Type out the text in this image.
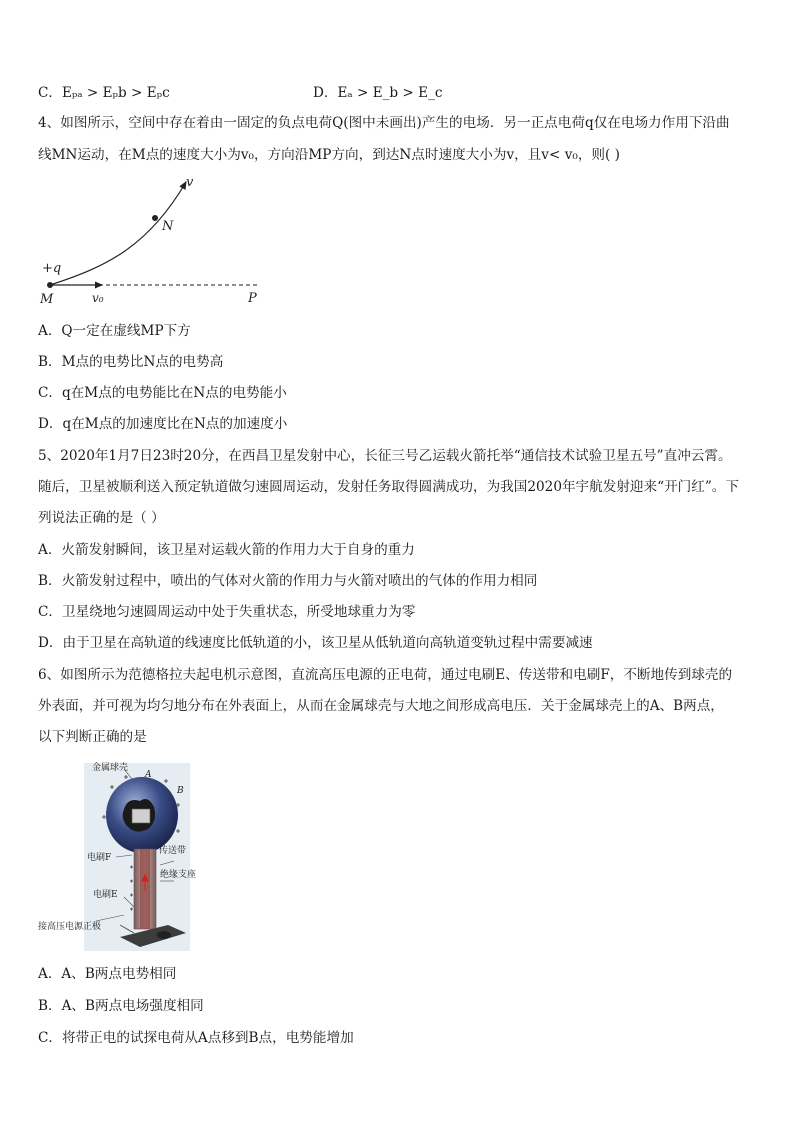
C．Eₚₐ > Eₚb > Eₚc	D．Eₐ > E_b > E_c
4、如图所示，空间中存在着由一固定的负点电荷Q(图中未画出)产生的电场．另一正点电荷q仅在电场力作用下沿曲
线MN运动，在M点的速度大小为v₀，方向沿MP方向，到达N点时速度大小为v，且v< v₀，则( )
v
N
+q
M	v₀	P
A．Q一定在虚线MP下方
B．M点的电势比N点的电势高
C．q在M点的电势能比在N点的电势能小
D．q在M点的加速度比在N点的加速度小
5、2020年1月7日23时20分，在西昌卫星发射中心，长征三号乙运载火箭托举“通信技术试验卫星五号”直冲云霄。
随后，卫星被顺利送入预定轨道做匀速圆周运动，发射任务取得圆满成功，为我国2020年宇航发射迎来“开门红”。下
列说法正确的是（ ）
A．火箭发射瞬间，该卫星对运载火箭的作用力大于自身的重力
B．火箭发射过程中，喷出的气体对火箭的作用力与火箭对喷出的气体的作用力相同
C．卫星绕地匀速圆周运动中处于失重状态，所受地球重力为零
D．由于卫星在高轨道的线速度比低轨道的小，该卫星从低轨道向高轨道变轨过程中需要减速
6、如图所示为范德格拉夫起电机示意图，直流高压电源的正电荷，通过电刷E、传送带和电刷F，不断地传到球壳的
外表面，并可视为均匀地分布在外表面上，从而在金属球壳与大地之间形成高电压．关于金属球壳上的A、B两点，
以下判断正确的是
金属球壳
A
B
传送带
电刷F
绝缘支座
电刷E
接高压电源正极
A．A、B两点电势相同
B．A、B两点电场强度相同
C．将带正电的试探电荷从A点移到B点，电势能增加
